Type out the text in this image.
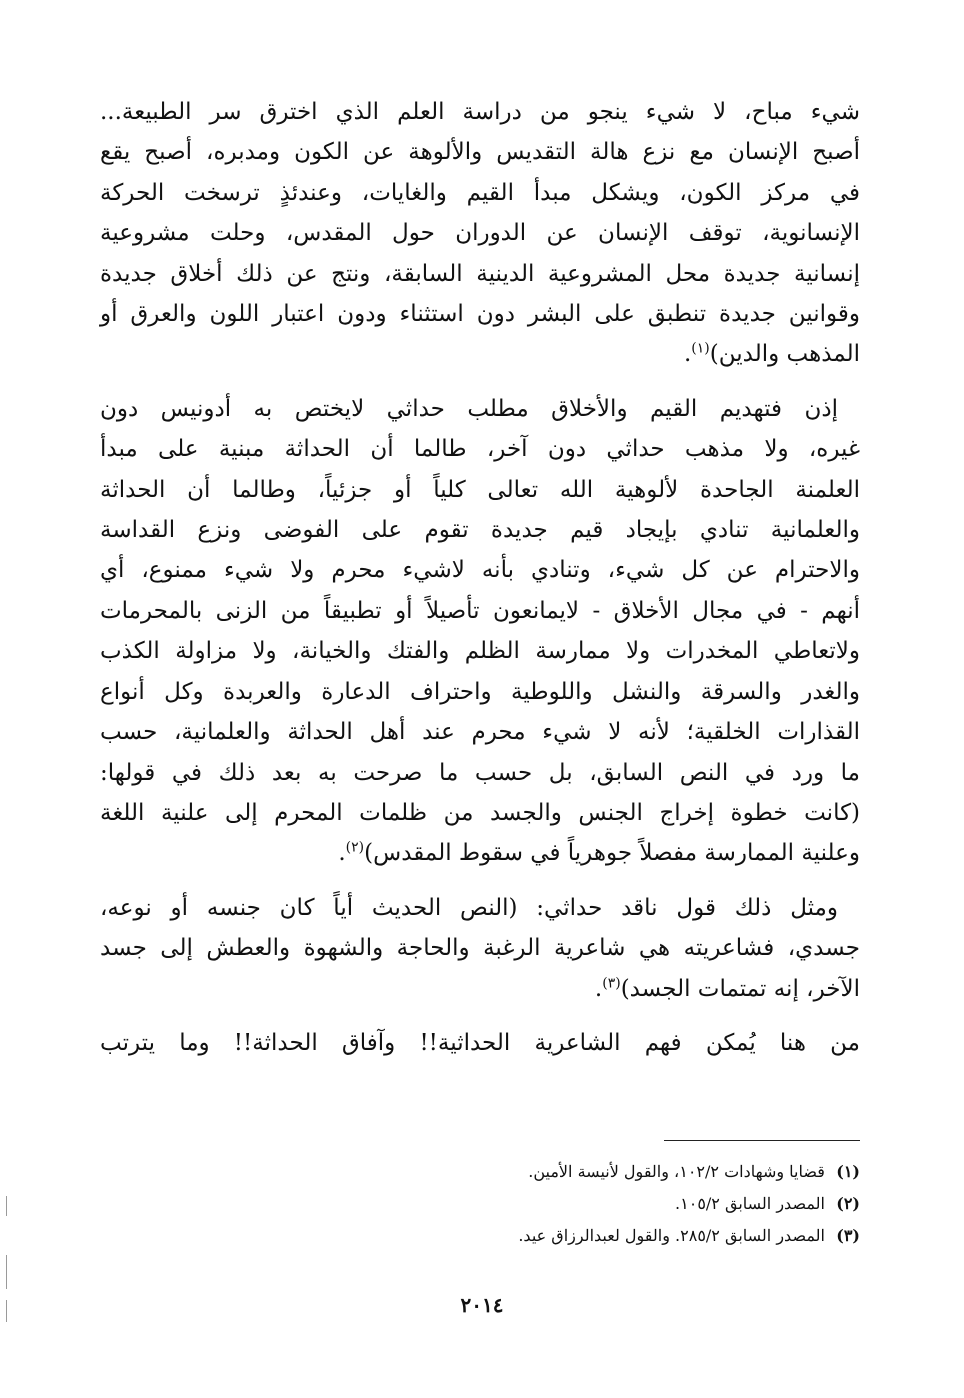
شيء مباح، لا شيء ينجو من دراسة العلم الذي اخترق سر الطبيعة...
أصبح الإنسان مع نزع هالة التقديس والألوهة عن الكون ومدبره، أصبح يقع
في مركز الكون، ويشكل مبدأ القيم والغايات، وعندئذٍ ترسخت الحركة
الإنسانوية، توقف الإنسان عن الدوران حول المقدس، وحلت مشروعية
إنسانية جديدة محل المشروعية الدينية السابقة، ونتج عن ذلك أخلاق جديدة
وقوانين جديدة تنطبق على البشر دون استثناء ودون اعتبار اللون والعرق أو
المذهب والدين)$^{(١)}$.

إذن فتهديم القيم والأخلاق مطلب حداثي لايختص به أدونيس دون
غيره، ولا مذهب حداثي دون آخر، طالما أن الحداثة مبنية على مبدأ
العلمنة الجاحدة لألوهية الله تعالى كلياً أو جزئياً، وطالما أن الحداثة
والعلمانية تنادي بإيجاد قيم جديدة تقوم على الفوضى ونزع القداسة
والاحترام عن كل شيء، وتنادي بأنه لاشيء محرم ولا شيء ممنوع، أي
أنهم - في مجال الأخلاق - لايمانعون تأصيلاً أو تطبيقاً من الزنى بالمحرمات
ولاتعاطي المخدرات ولا ممارسة الظلم والفتك والخيانة، ولا مزاولة الكذب
والغدر والسرقة والنشل واللوطية واحتراف الدعارة والعربدة وكل أنواع
القذارات الخلقية؛ لأنه لا شيء محرم عند أهل الحداثة والعلمانية، حسب
ما ورد في النص السابق، بل حسب ما صرحت به بعد ذلك في قولها:
(كانت خطوة إخراج الجنس والجسد من ظلمات المحرم إلى علنية اللغة
وعلنية الممارسة مفصلاً جوهرياً في سقوط المقدس)$^{(٢)}$.

ومثل ذلك قول ناقد حداثي: (النص الحديث أياً كان جنسه أو نوعه،
جسدي، فشاعريته هي شاعرية الرغبة والحاجة والشهوة والعطش إلى جسد
الآخر، إنه تمتمات الجسد)$^{(٣)}$.

من هنا يُمكن فهم الشاعرية الحداثية!! وآفاق الحداثة!! وما يترتب

(١) قضايا وشهادات ١٠٢/٢، والقول لأنيسة الأمين.
(٢) المصدر السابق ١٠٥/٢.
(٣) المصدر السابق ٢٨٥/٢. والقول لعبدالرزاق عيد.
٢٠١٤
